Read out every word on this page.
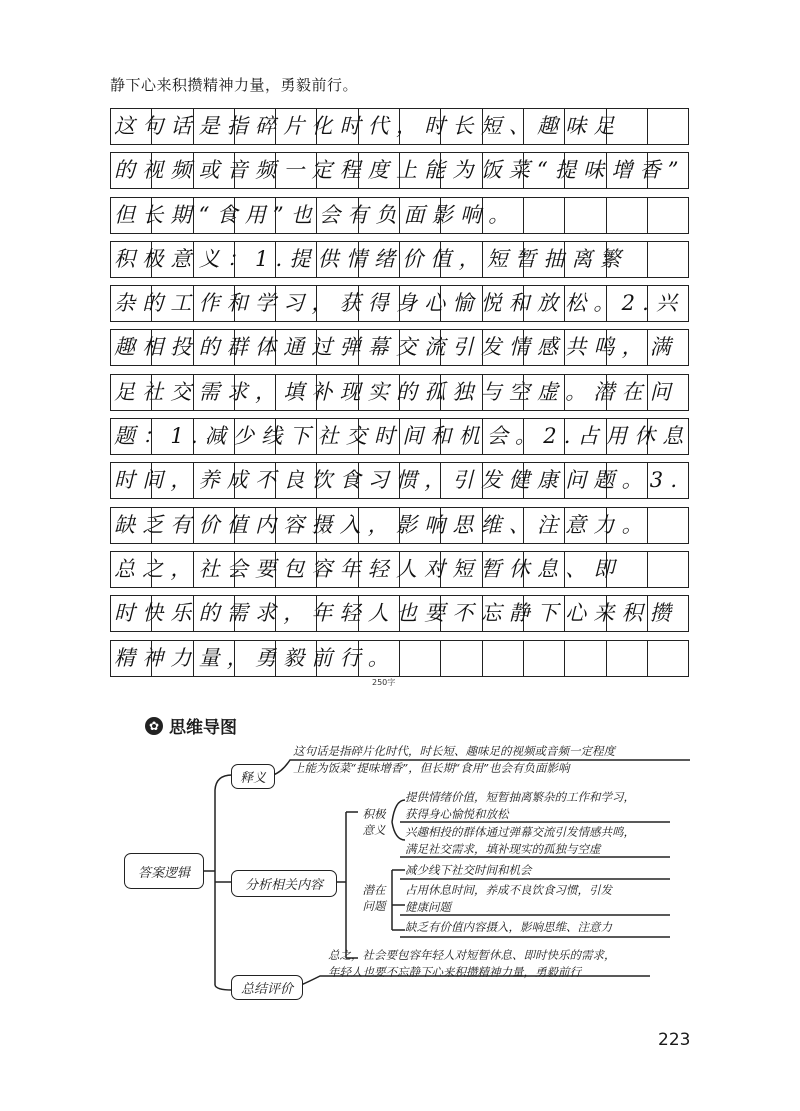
静下心来积攒精神力量，勇毅前行。
这句话是指碎片化时代，时长短、趣味足
的视频或音频一定程度上能为饭菜“提味增香”
但长期“食用”也会有负面影响。
积极意义：1.提供情绪价值，短暂抽离繁
杂的工作和学习，获得身心愉悦和放松。2.兴
趣相投的群体通过弹幕交流引发情感共鸣，满
足社交需求，填补现实的孤独与空虚。潜在问
题：1.减少线下社交时间和机会。2.占用休息
时间，养成不良饮食习惯，引发健康问题。3.
缺乏有价值内容摄入，影响思维、注意力。
总之，社会要包容年轻人对短暂休息、即
时快乐的需求，年轻人也要不忘静下心来积攒
精神力量，勇毅前行。
250字
✿ 思维导图
答案逻辑
释义
分析相关内容
总结评价
这句话是指碎片化时代，时长短、趣味足的视频或音频一定程度
上能为饭菜“提味增香”，但长期“食用”也会有负面影响
积极
意义
潜在
问题
提供情绪价值，短暂抽离繁杂的工作和学习，
获得身心愉悦和放松
兴趣相投的群体通过弹幕交流引发情感共鸣，
满足社交需求，填补现实的孤独与空虚
减少线下社交时间和机会
占用休息时间，养成不良饮食习惯，引发
健康问题
缺乏有价值内容摄入，影响思维、注意力
总之，社会要包容年轻人对短暂休息、即时快乐的需求，
年轻人也要不忘静下心来积攒精神力量，勇毅前行
223
